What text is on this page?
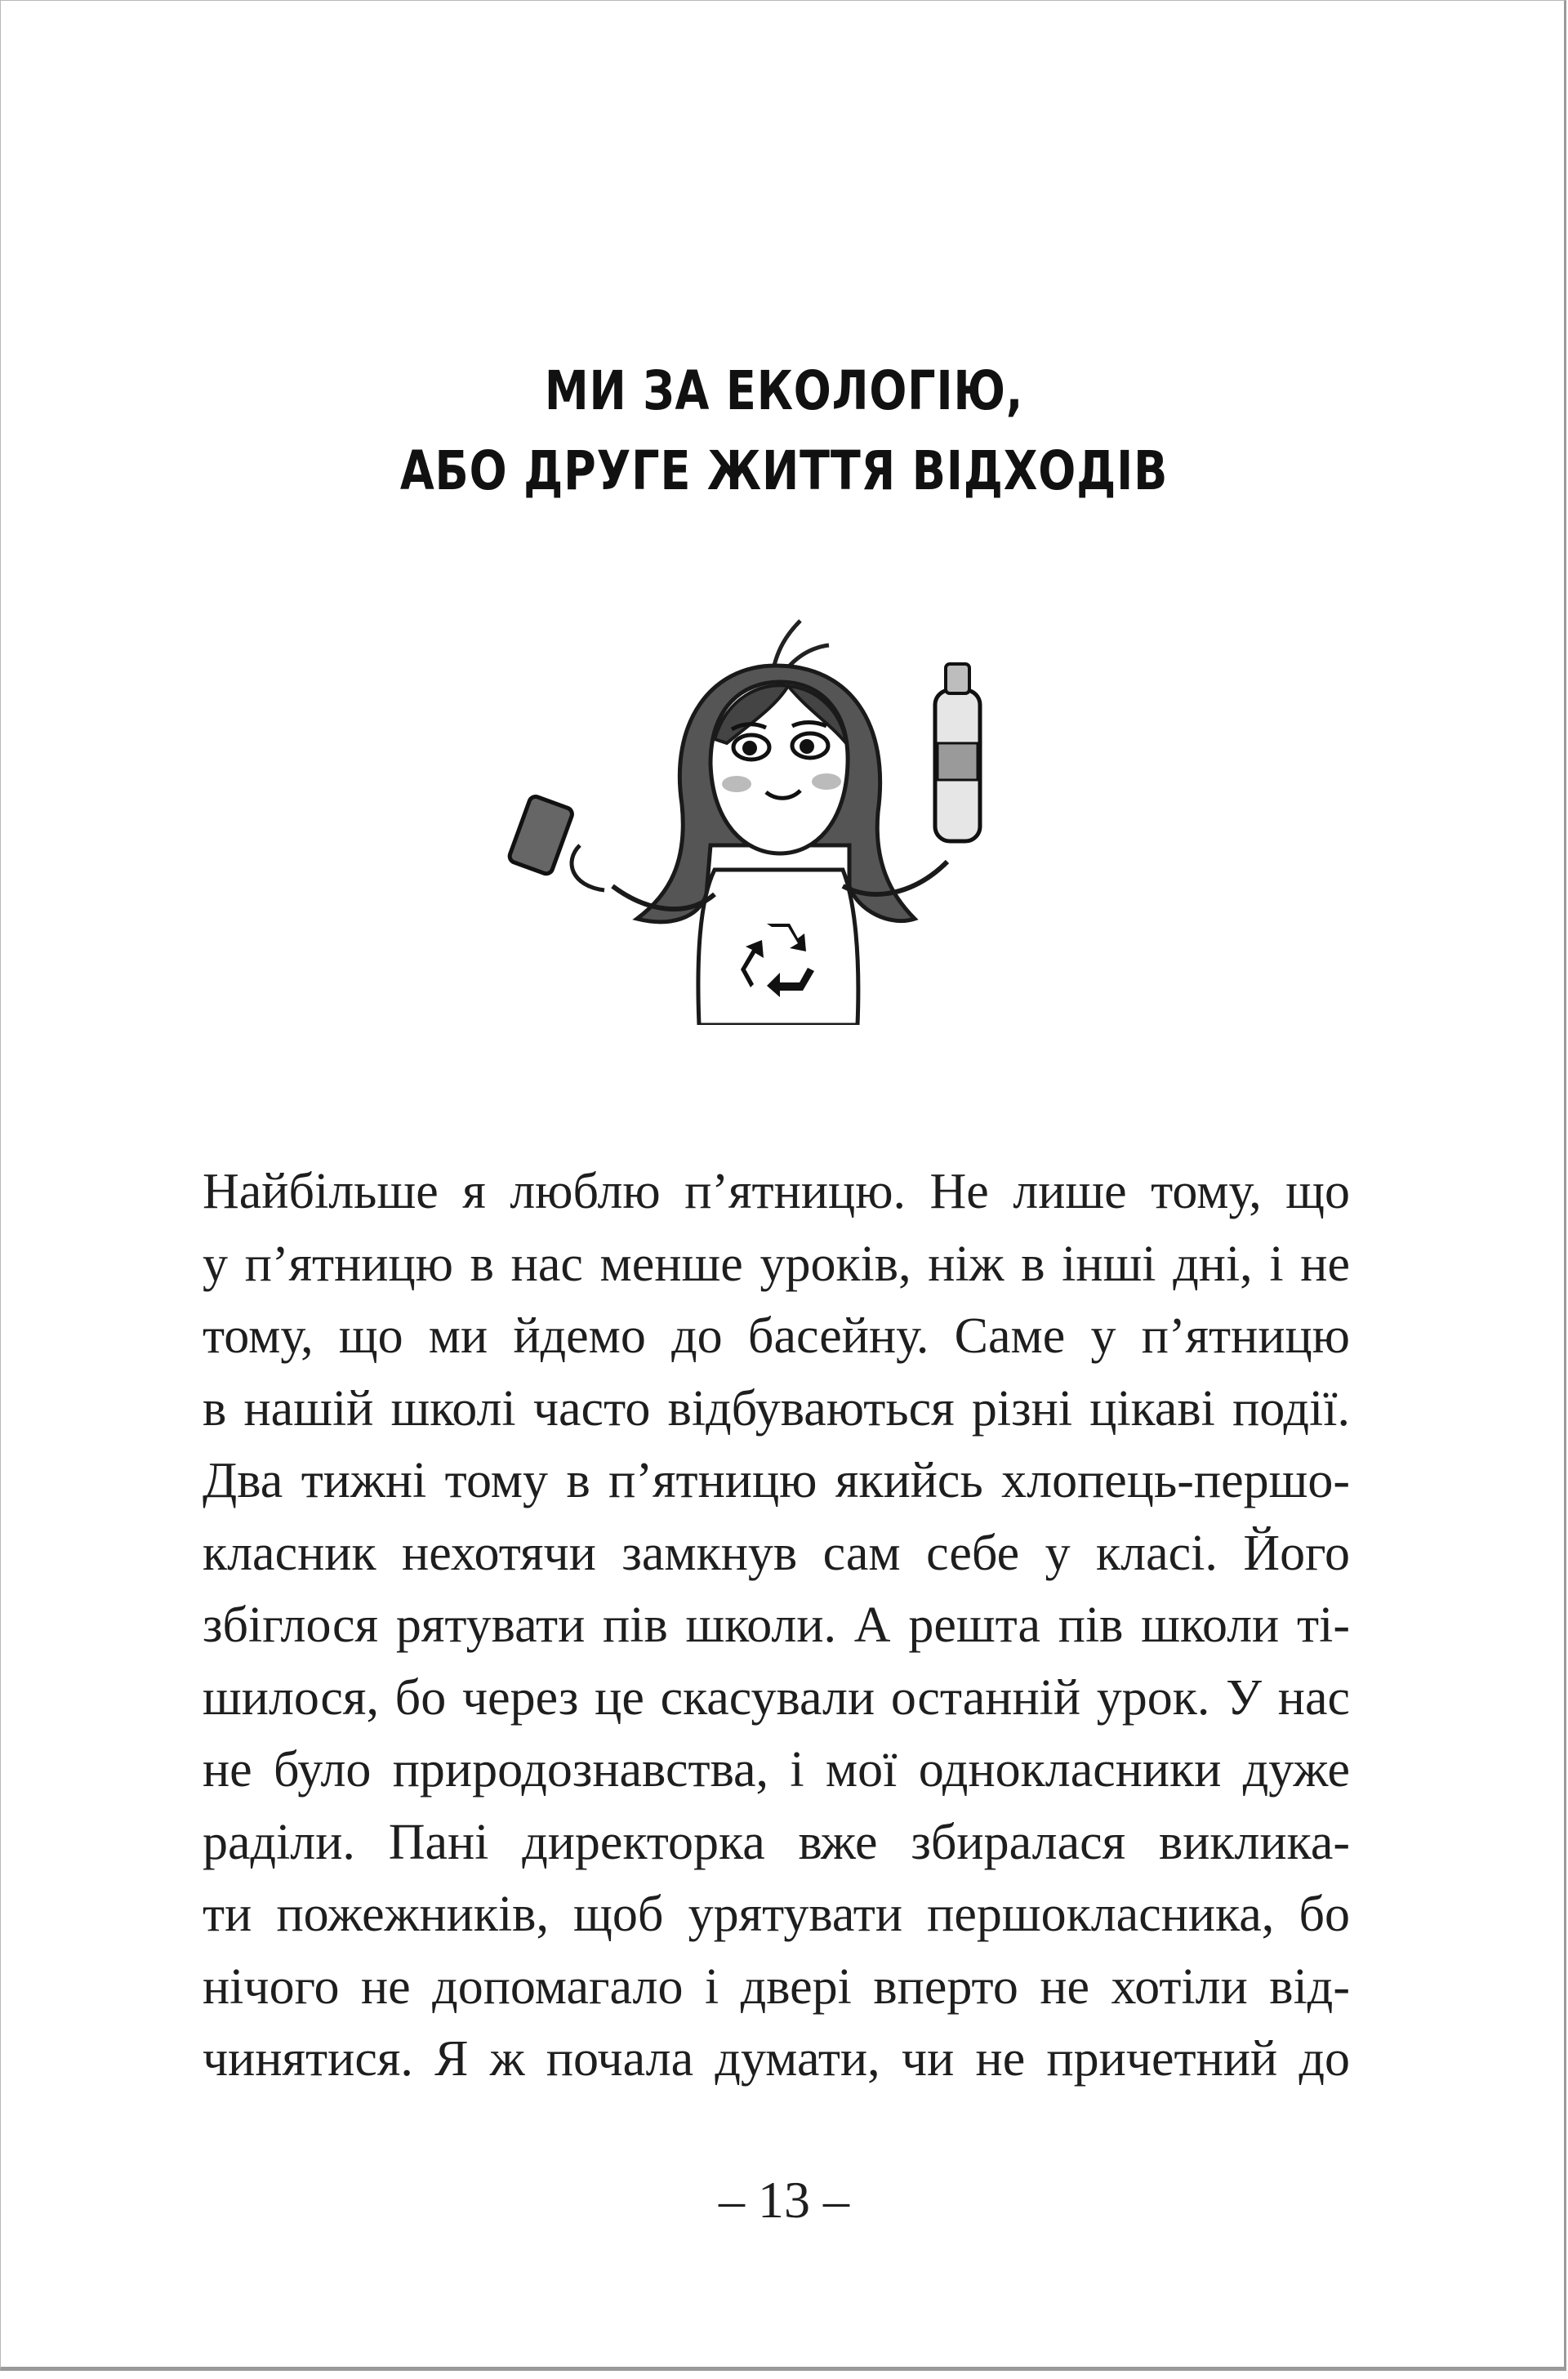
МИ ЗА ЕКОЛОГІЮ,
АБО ДРУГЕ ЖИТТЯ ВІДХОДІВ
Найбільше я люблю п’ятницю. Не лише тому, що
у п’ятницю в нас менше уроків, ніж в інші дні, і не
тому, що ми йдемо до басейну. Саме у п’ятницю
в нашій школі часто відбуваються різні цікаві події.
Два тижні тому в п’ятницю якийсь хлопець-першо-
класник нехотячи замкнув сам себе у класі. Його
збіглося рятувати пів школи. А решта пів школи ті-
шилося, бо через це скасували останній урок. У нас
не було природознавства, і мої однокласники дуже
раділи. Пані директорка вже збиралася виклика-
ти пожежників, щоб урятувати першокласника, бо
нічого не допомагало і двері вперто не хотіли від-
чинятися. Я ж почала думати, чи не причетний до
– 13 –
